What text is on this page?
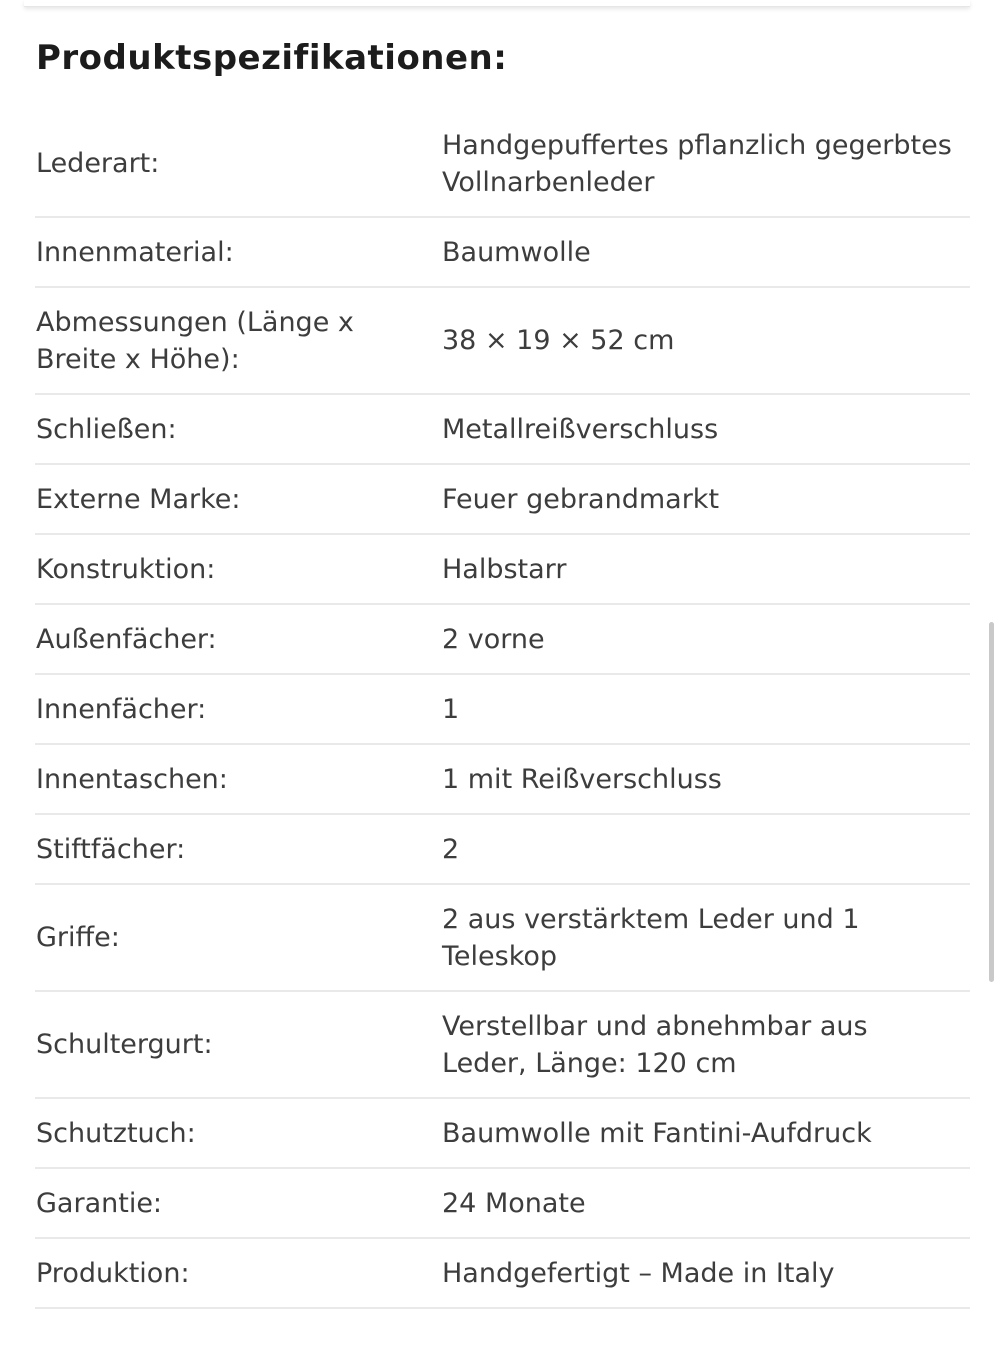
Produktspezifikationen:
Lederart:	Handgepuffertes pflanzlich gegerbtes Vollnarbenleder

Innenmaterial:	Baumwolle

Abmessungen (Länge x Breite x Höhe):	38 × 19 × 52 cm

Schließen:	Metallreißverschluss

Externe Marke:	Feuer gebrandmarkt

Konstruktion:	Halbstarr

Außenfächer:	2 vorne

Innenfächer:	1

Innentaschen:	1 mit Reißverschluss

Stiftfächer:	2

Griffe:	2 aus verstärktem Leder und 1 Teleskop

Schultergurt:	Verstellbar und abnehmbar aus Leder, Länge: 120 cm

Schutztuch:	Baumwolle mit Fantini-Aufdruck

Garantie:	24 Monate

Produktion:	Handgefertigt – Made in Italy
